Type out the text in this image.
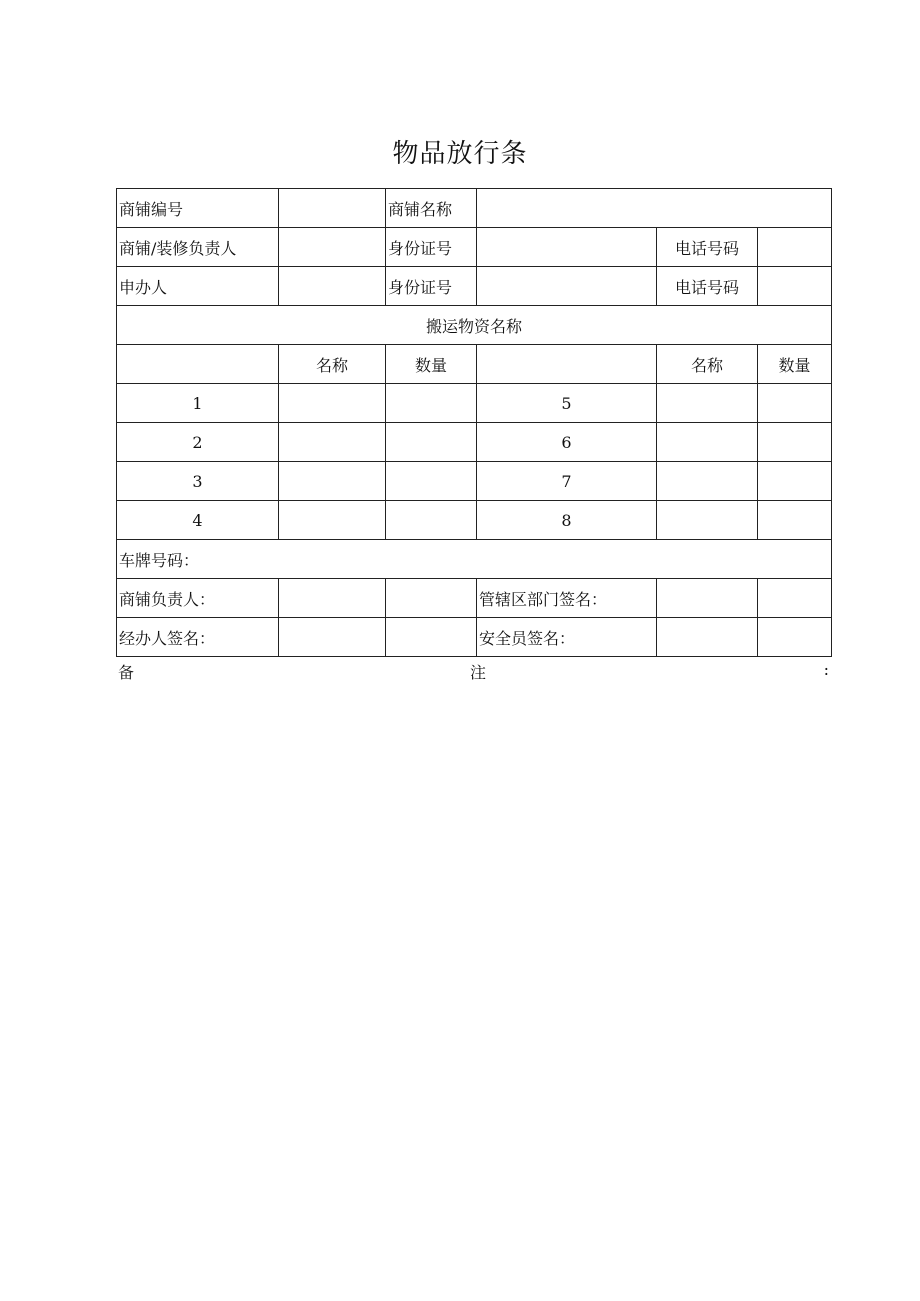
物品放行条
商铺编号		商铺名称			
商铺/装修负责人		身份证号		电话号码	
申办人		身份证号		电话号码	
搬运物资名称					
	名称	数量		名称	数量
1			5		
2			6		
3			7		
4			8		
车牌号码：					
商铺负责人：			管辖区部门签名：		
经办人签名：			安全员签名：		
备	注	:
